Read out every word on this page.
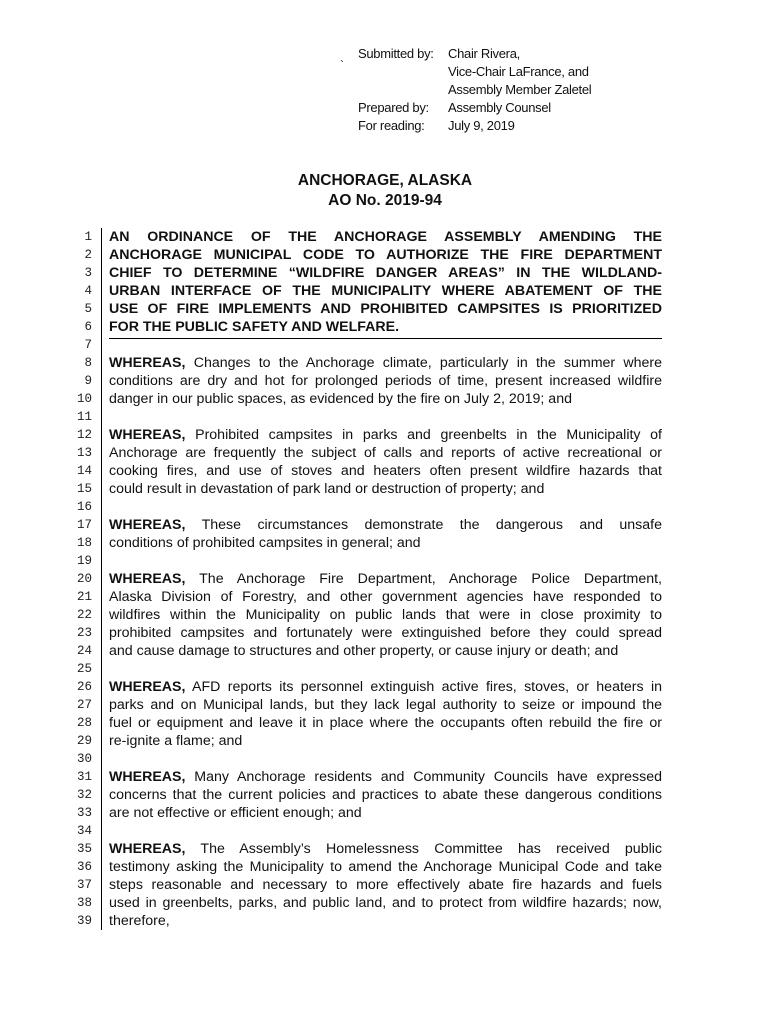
Submitted by: Chair Rivera,
Vice-Chair LaFrance, and
Assembly Member Zaletel
Prepared by: Assembly Counsel
For reading: July 9, 2019
`
ANCHORAGE, ALASKA
AO No. 2019-94
1
2
3
4
5
6
7
8
9
10
11
12
13
14
15
16
17
18
19
20
21
22
23
24
25
26
27
28
29
30
31
32
33
34
35
36
37
38
39
AN ORDINANCE OF THE ANCHORAGE ASSEMBLY AMENDING THE
ANCHORAGE MUNICIPAL CODE TO AUTHORIZE THE FIRE DEPARTMENT
CHIEF TO DETERMINE “WILDFIRE DANGER AREAS” IN THE WILDLAND-
URBAN INTERFACE OF THE MUNICIPALITY WHERE ABATEMENT OF THE
USE OF FIRE IMPLEMENTS AND PROHIBITED CAMPSITES IS PRIORITIZED
FOR THE PUBLIC SAFETY AND WELFARE.
WHEREAS, Changes to the Anchorage climate, particularly in the summer where
conditions are dry and hot for prolonged periods of time, present increased wildfire
danger in our public spaces, as evidenced by the fire on July 2, 2019; and
WHEREAS, Prohibited campsites in parks and greenbelts in the Municipality of
Anchorage are frequently the subject of calls and reports of active recreational or
cooking fires, and use of stoves and heaters often present wildfire hazards that
could result in devastation of park land or destruction of property; and
WHEREAS, These circumstances demonstrate the dangerous and unsafe
conditions of prohibited campsites in general; and
WHEREAS, The Anchorage Fire Department, Anchorage Police Department,
Alaska Division of Forestry, and other government agencies have responded to
wildfires within the Municipality on public lands that were in close proximity to
prohibited campsites and fortunately were extinguished before they could spread
and cause damage to structures and other property, or cause injury or death; and
WHEREAS, AFD reports its personnel extinguish active fires, stoves, or heaters in
parks and on Municipal lands, but they lack legal authority to seize or impound the
fuel or equipment and leave it in place where the occupants often rebuild the fire or
re-ignite a flame; and
WHEREAS, Many Anchorage residents and Community Councils have expressed
concerns that the current policies and practices to abate these dangerous conditions
are not effective or efficient enough; and
WHEREAS, The Assembly’s Homelessness Committee has received public
testimony asking the Municipality to amend the Anchorage Municipal Code and take
steps reasonable and necessary to more effectively abate fire hazards and fuels
used in greenbelts, parks, and public land, and to protect from wildfire hazards; now,
therefore,
